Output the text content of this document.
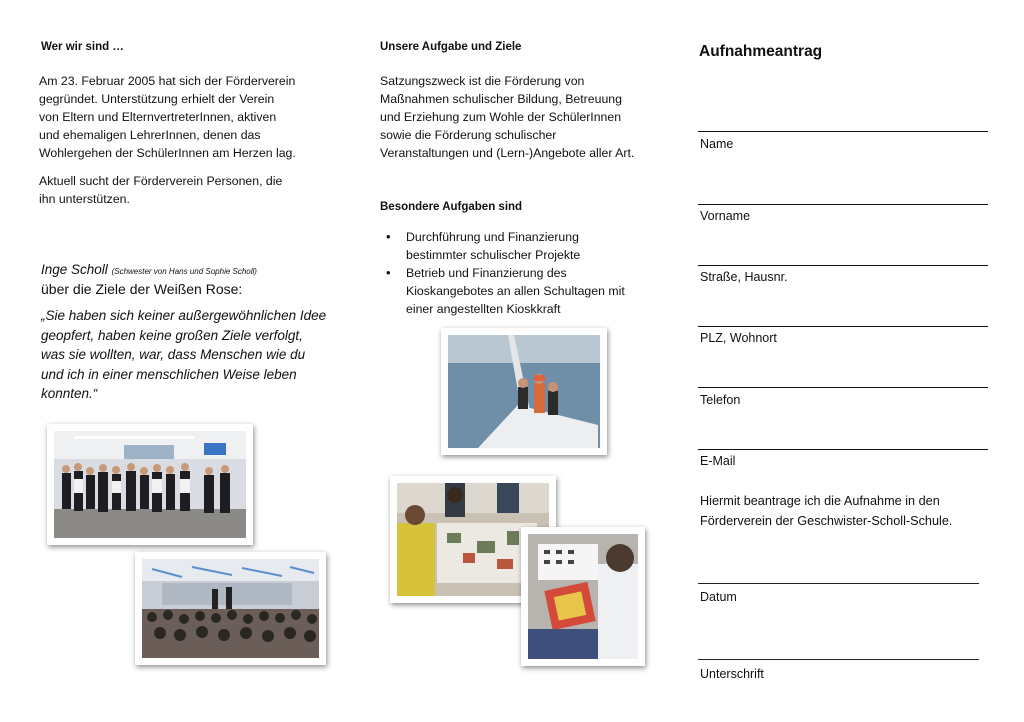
Wer wir sind …
Am 23. Februar 2005 hat sich der Förderverein
gegründet. Unterstützung erhielt der Verein
von Eltern und ElternvertreterInnen, aktiven
und ehemaligen LehrerInnen, denen das
Wohlergehen der SchülerInnen am Herzen lag.
Aktuell sucht der Förderverein Personen, die
ihn unterstützen.
Inge Scholl (Schwester von Hans und Sophie Scholl)
über die Ziele der Weißen Rose:
„Sie haben sich keiner außergewöhnlichen Idee
geopfert, haben keine großen Ziele verfolgt,
was sie wollten, war, dass Menschen wie du
und ich in einer menschlichen Weise leben
konnten.“
Unsere Aufgabe und Ziele
Satzungszweck ist die Förderung von
Maßnahmen schulischer Bildung, Betreuung
und Erziehung zum Wohle der SchülerInnen
sowie die Förderung schulischer
Veranstaltungen und (Lern-)Angebote aller Art.
Besondere Aufgaben sind
• Durchführung und Finanzierung
bestimmter schulischer Projekte
• Betrieb und Finanzierung des
Kioskangebotes an allen Schultagen mit
einer angestellten Kioskkraft
Aufnahmeantrag
Name
Vorname
Straße, Hausnr.
PLZ, Wohnort
Telefon
E-Mail
Hiermit beantrage ich die Aufnahme in den
Förderverein der Geschwister-Scholl-Schule.
Datum
Unterschrift
